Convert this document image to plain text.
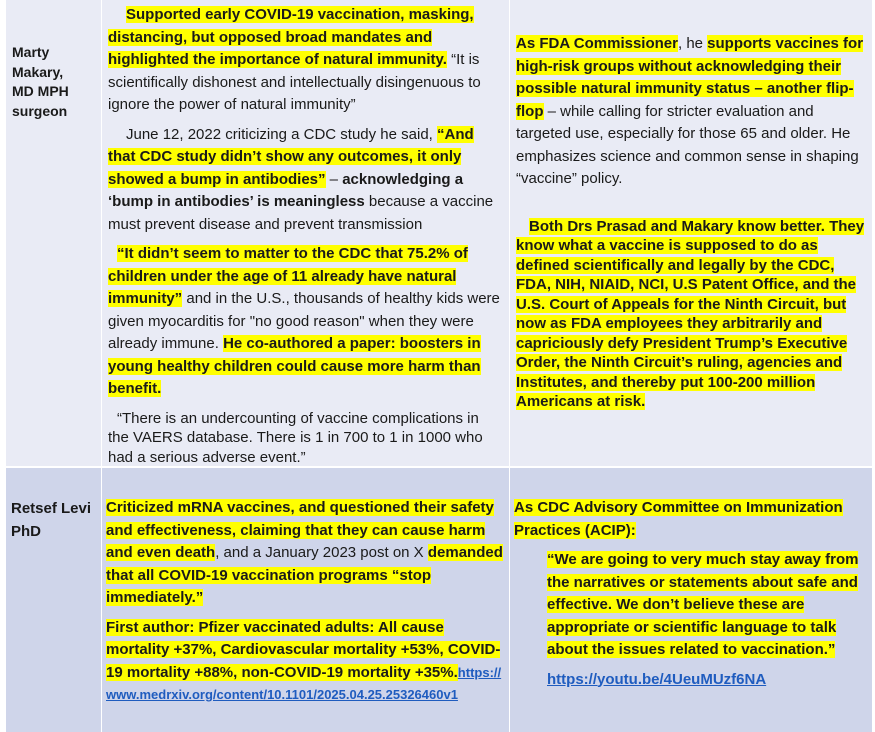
Marty
Makary,
MD MPH
surgeon

Supported early COVID-19 vaccination, masking, distancing, but opposed broad mandates and highlighted the importance of natural immunity. “It is scientifically dishonest and intellectually disingenuous to ignore the power of natural immunity”

June 12, 2022 criticizing a CDC study he said, “And that CDC study didn’t show any outcomes, it only showed a bump in antibodies” – acknowledging a ‘bump in antibodies’ is meaningless because a vaccine must prevent disease and prevent transmission

“It didn’t seem to matter to the CDC that 75.2% of children under the age of 11 already have natural immunity” and in the U.S., thousands of healthy kids were given myocarditis for "no good reason" when they were already immune. He co-authored a paper: boosters in young healthy children could cause more harm than benefit.

“There is an undercounting of vaccine complications in the VAERS database. There is 1 in 700 to 1 in 1000 who had a serious adverse event.”

As FDA Commissioner, he supports vaccines for high-risk groups without acknowledging their possible natural immunity status – another flip-flop – while calling for stricter evaluation and targeted use, especially for those 65 and older. He emphasizes science and common sense in shaping “vaccine” policy.

Both Drs Prasad and Makary know better. They know what a vaccine is supposed to do as defined scientifically and legally by the CDC, FDA, NIH, NIAID, NCI, U.S Patent Office, and the U.S. Court of Appeals for the Ninth Circuit, but now as FDA employees they arbitrarily and capriciously defy President Trump’s Executive Order, the Ninth Circuit’s ruling, agencies and Institutes, and thereby put 100-200 million Americans at risk.

Retsef Levi
PhD

Criticized mRNA vaccines, and questioned their safety and effectiveness, claiming that they can cause harm and even death, and a January 2023 post on X demanded that all COVID-19 vaccination programs “stop immediately.”

First author: Pfizer vaccinated adults: All cause mortality +37%, Cardiovascular mortality +53%, COVID-19 mortality +88%, non-COVID-19 mortality +35%.https://www.medrxiv.org/content/10.1101/2025.04.25.25326460v1

As CDC Advisory Committee on Immunization Practices (ACIP):

“We are going to very much stay away from the narratives or statements about safe and effective. We don’t believe these are appropriate or scientific language to talk about the issues related to vaccination.”

https://youtu.be/4UeuMUzf6NA
